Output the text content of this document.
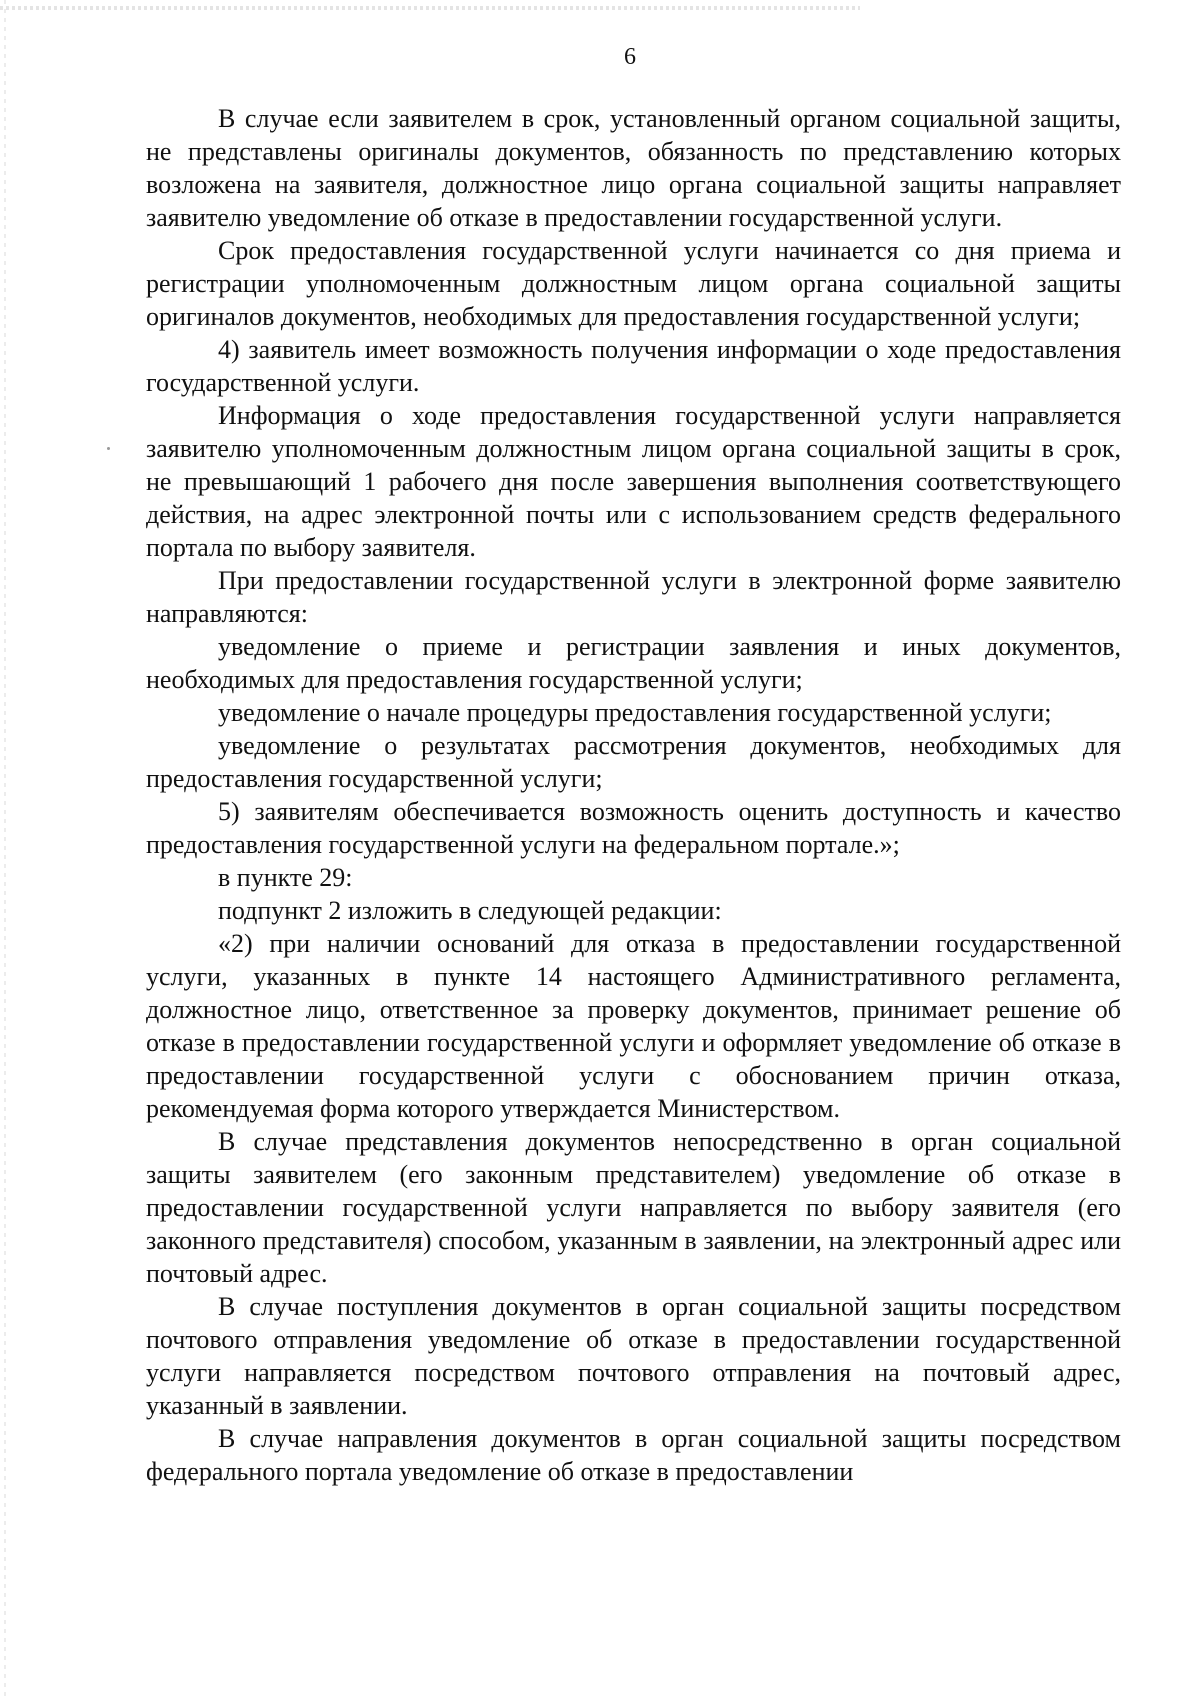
6

В случае если заявителем в срок, установленный органом социальной защиты, не представлены оригиналы документов, обязанность по представлению которых возложена на заявителя, должностное лицо органа социальной защиты направляет заявителю уведомление об отказе в предоставлении государственной услуги.

Срок предоставления государственной услуги начинается со дня приема и регистрации уполномоченным должностным лицом органа социальной защиты оригиналов документов, необходимых для предоставления государственной услуги;

4) заявитель имеет возможность получения информации о ходе предоставления государственной услуги.

Информация о ходе предоставления государственной услуги направляется заявителю уполномоченным должностным лицом органа социальной защиты в срок, не превышающий 1 рабочего дня после завершения выполнения соответствующего действия, на адрес электронной почты или с использованием средств федерального портала по выбору заявителя.

При предоставлении государственной услуги в электронной форме заявителю направляются:

уведомление о приеме и регистрации заявления и иных документов, необходимых для предоставления государственной услуги;

уведомление о начале процедуры предоставления государственной услуги;

уведомление о результатах рассмотрения документов, необходимых для предоставления государственной услуги;

5) заявителям обеспечивается возможность оценить доступность и качество предоставления государственной услуги на федеральном портале.»;

в пункте 29:

подпункт 2 изложить в следующей редакции:

«2) при наличии оснований для отказа в предоставлении государственной услуги, указанных в пункте 14 настоящего Административного регламента, должностное лицо, ответственное за проверку документов, принимает решение об отказе в предоставлении государственной услуги и оформляет уведомление об отказе в предоставлении государственной услуги с обоснованием причин отказа, рекомендуемая форма которого утверждается Министерством.

В случае представления документов непосредственно в орган социальной защиты заявителем (его законным представителем) уведомление об отказе в предоставлении государственной услуги направляется по выбору заявителя (его законного представителя) способом, указанным в заявлении, на электронный адрес или почтовый адрес.

В случае поступления документов в орган социальной защиты посредством почтового отправления уведомление об отказе в предоставлении государственной услуги направляется посредством почтового отправления на почтовый адрес, указанный в заявлении.

В случае направления документов в орган социальной защиты посредством федерального портала уведомление об отказе в предоставлении
